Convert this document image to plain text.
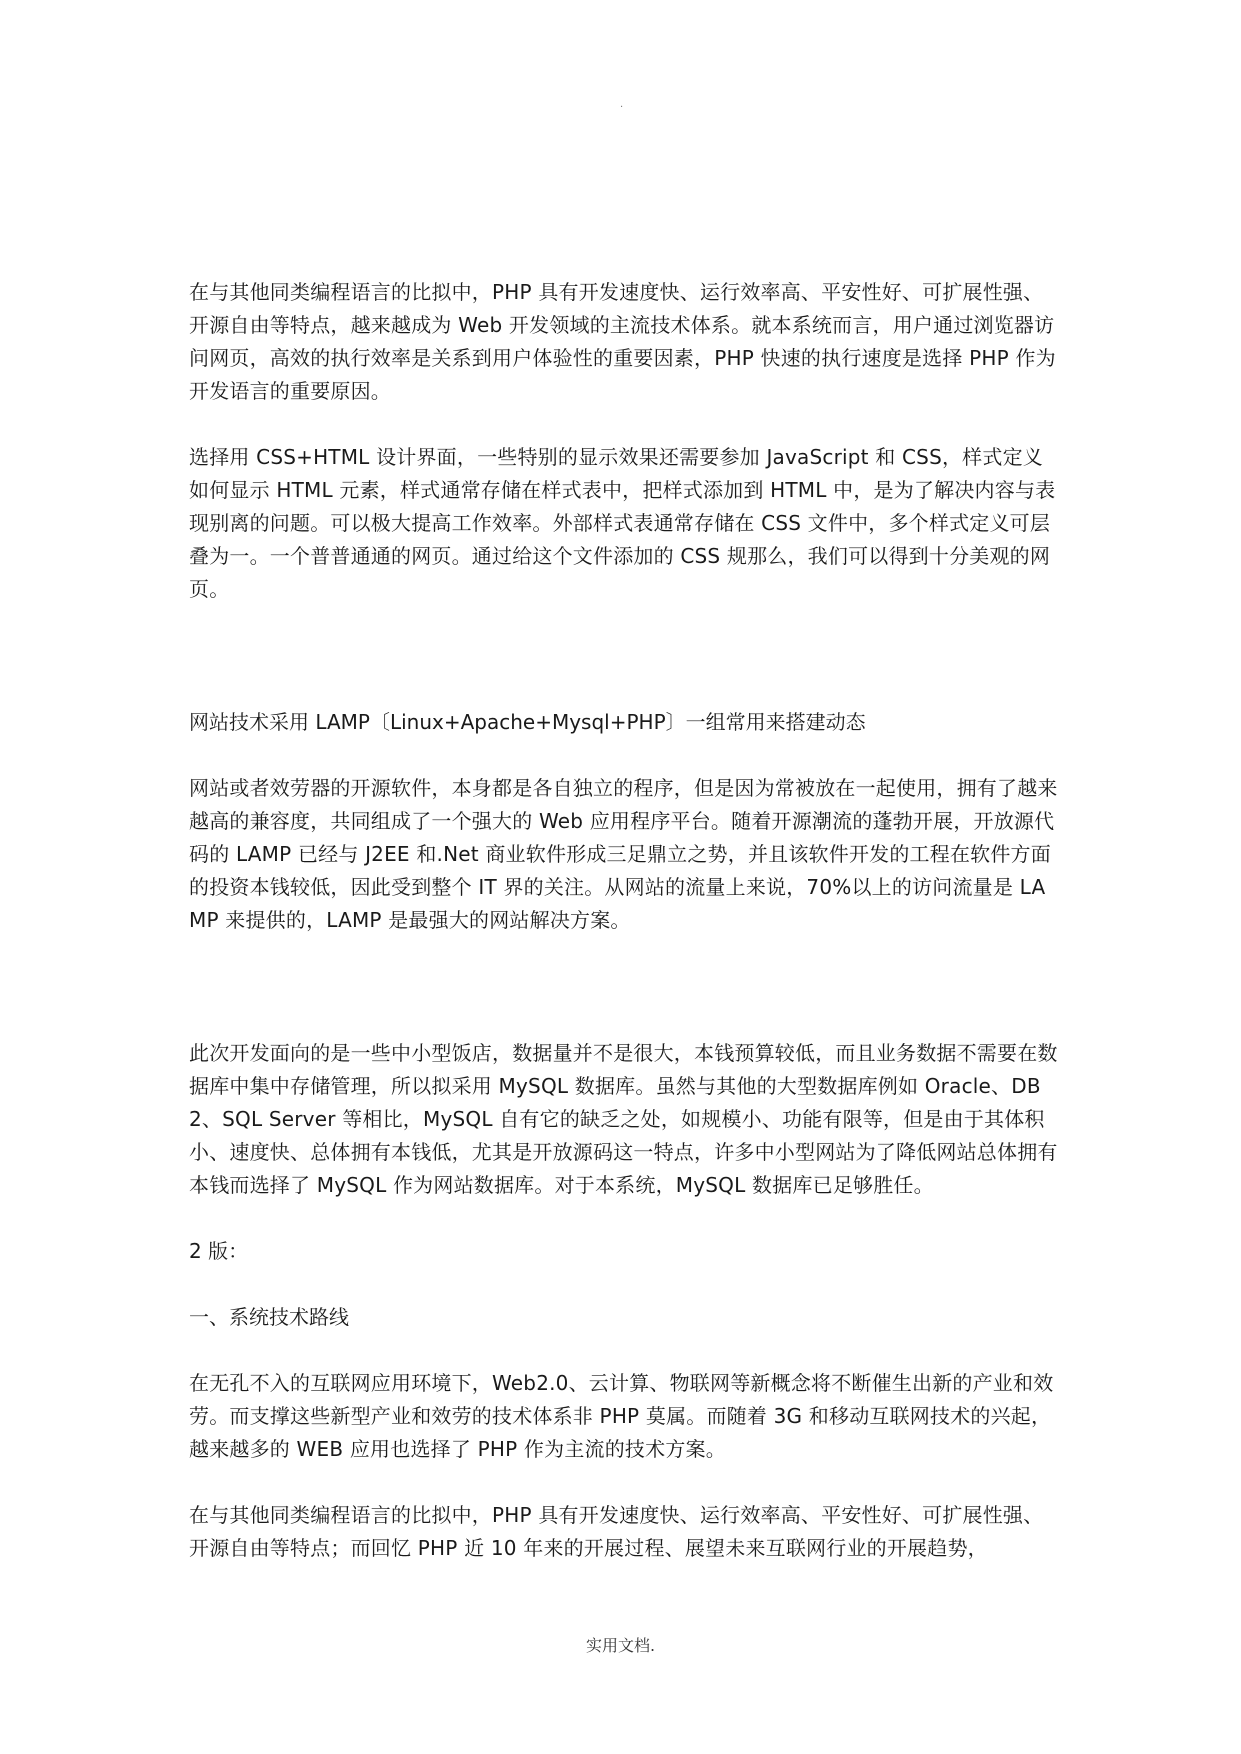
.

在与其他同类编程语言的比拟中，PHP 具有开发速度快、运行效率高、平安性好、可扩展性强、开源自由等特点，越来越成为 Web 开发领域的主流技术体系。就本系统而言，用户通过浏览器访问网页，高效的执行效率是关系到用户体验性的重要因素，PHP 快速的执行速度是选择 PHP 作为开发语言的重要原因。

选择用 CSS+HTML 设计界面，一些特别的显示效果还需要参加 JavaScript 和 CSS，样式定义如何显示 HTML 元素，样式通常存储在样式表中，把样式添加到 HTML 中，是为了解决内容与表现别离的问题。可以极大提高工作效率。外部样式表通常存储在 CSS 文件中，多个样式定义可层叠为一。一个普普通通的网页。通过给这个文件添加的 CSS 规那么，我们可以得到十分美观的网页。

网站技术采用 LAMP〔Linux+Apache+Mysql+PHP〕一组常用来搭建动态

网站或者效劳器的开源软件，本身都是各自独立的程序，但是因为常被放在一起使用，拥有了越来越高的兼容度，共同组成了一个强大的 Web 应用程序平台。随着开源潮流的蓬勃开展，开放源代码的 LAMP 已经与 J2EE 和.Net 商业软件形成三足鼎立之势，并且该软件开发的工程在软件方面的投资本钱较低，因此受到整个 IT 界的关注。从网站的流量上来说，70%以上的访问流量是 LAMP 来提供的，LAMP 是最强大的网站解决方案。

此次开发面向的是一些中小型饭店，数据量并不是很大，本钱预算较低，而且业务数据不需要在数据库中集中存储管理，所以拟采用 MySQL 数据库。虽然与其他的大型数据库例如 Oracle、DB2、SQL Server 等相比，MySQL 自有它的缺乏之处，如规模小、功能有限等，但是由于其体积小、速度快、总体拥有本钱低，尤其是开放源码这一特点，许多中小型网站为了降低网站总体拥有本钱而选择了 MySQL 作为网站数据库。对于本系统，MySQL 数据库已足够胜任。

2 版：

一、系统技术路线

在无孔不入的互联网应用环境下，Web2.0、云计算、物联网等新概念将不断催生出新的产业和效劳。而支撑这些新型产业和效劳的技术体系非 PHP 莫属。而随着 3G 和移动互联网技术的兴起，越来越多的 WEB 应用也选择了 PHP 作为主流的技术方案。

在与其他同类编程语言的比拟中，PHP 具有开发速度快、运行效率高、平安性好、可扩展性强、开源自由等特点；而回忆 PHP 近 10 年来的开展过程、展望未来互联网行业的开展趋势，

实用文档.
